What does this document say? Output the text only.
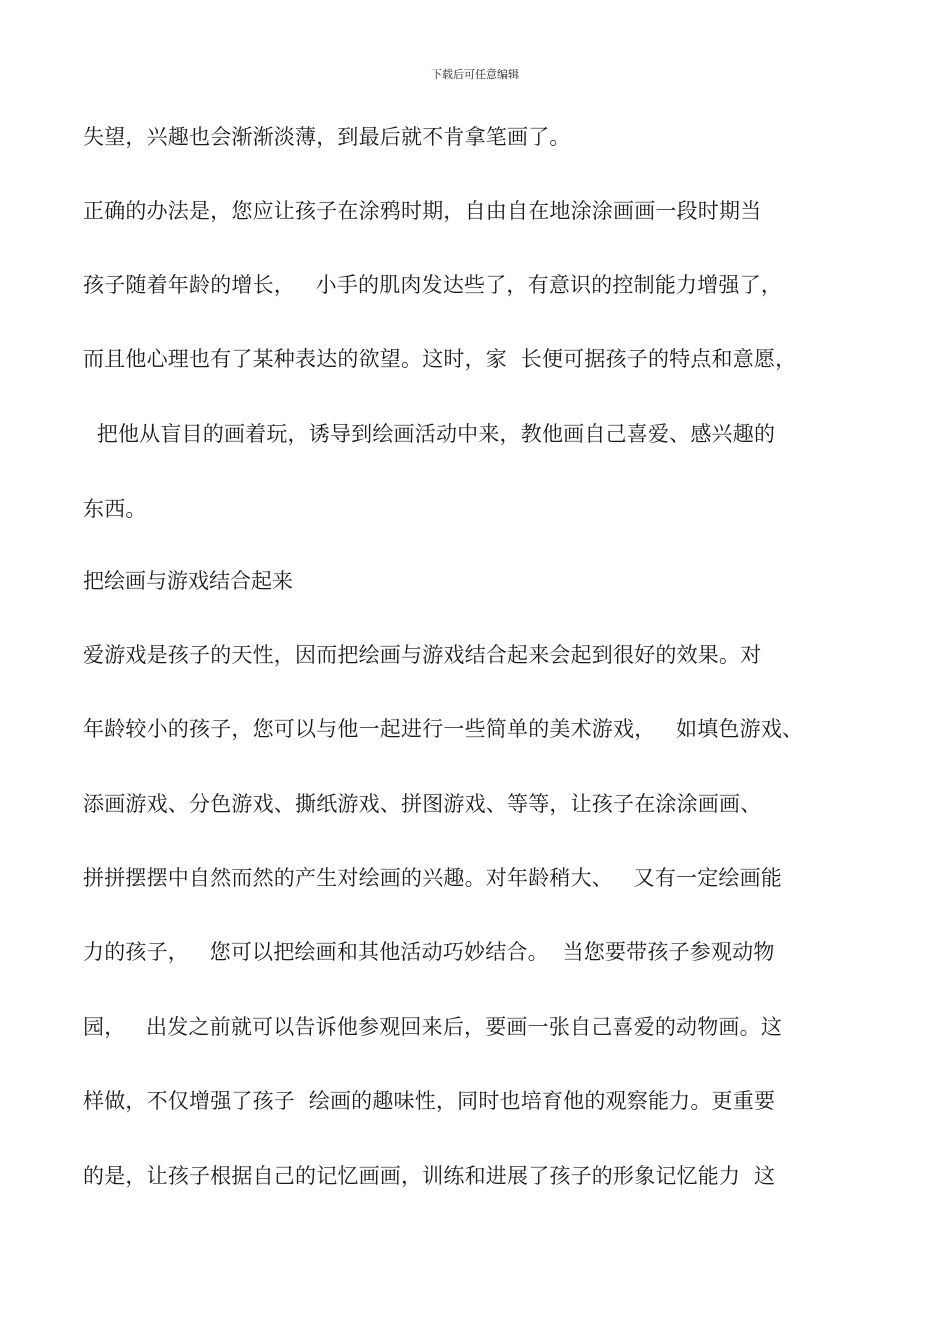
下载后可任意编辑
失望，兴趣也会渐渐淡薄，到最后就不肯拿笔画了。
正确的办法是，您应让孩子在涂鸦时期，自由自在地涂涂画画一段时期当
孩子随着年龄的增长，   小手的肌肉发达些了，有意识的控制能力增强了，
而且他心理也有了某种表达的欲望。这时，家  长便可据孩子的特点和意愿，
把他从盲目的画着玩，诱导到绘画活动中来，教他画自己喜爱、感兴趣的
东西。
把绘画与游戏结合起来
爱游戏是孩子的天性，因而把绘画与游戏结合起来会起到很好的效果。对
年龄较小的孩子，您可以与他一起进行一些简单的美术游戏，   如填色游戏、
添画游戏、分色游戏、撕纸游戏、拼图游戏、等等，让孩子在涂涂画画、
拼拼摆摆中自然而然的产生对绘画的兴趣。对年龄稍大、   又有一定绘画能
力的孩子，   您可以把绘画和其他活动巧妙结合。  当您要带孩子参观动物
园，   出发之前就可以告诉他参观回来后，要画一张自己喜爱的动物画。这
样做，不仅增强了孩子  绘画的趣味性，同时也培育他的观察能力。更重要
的是，让孩子根据自己的记忆画画，训练和进展了孩子的形象记忆能力  这
